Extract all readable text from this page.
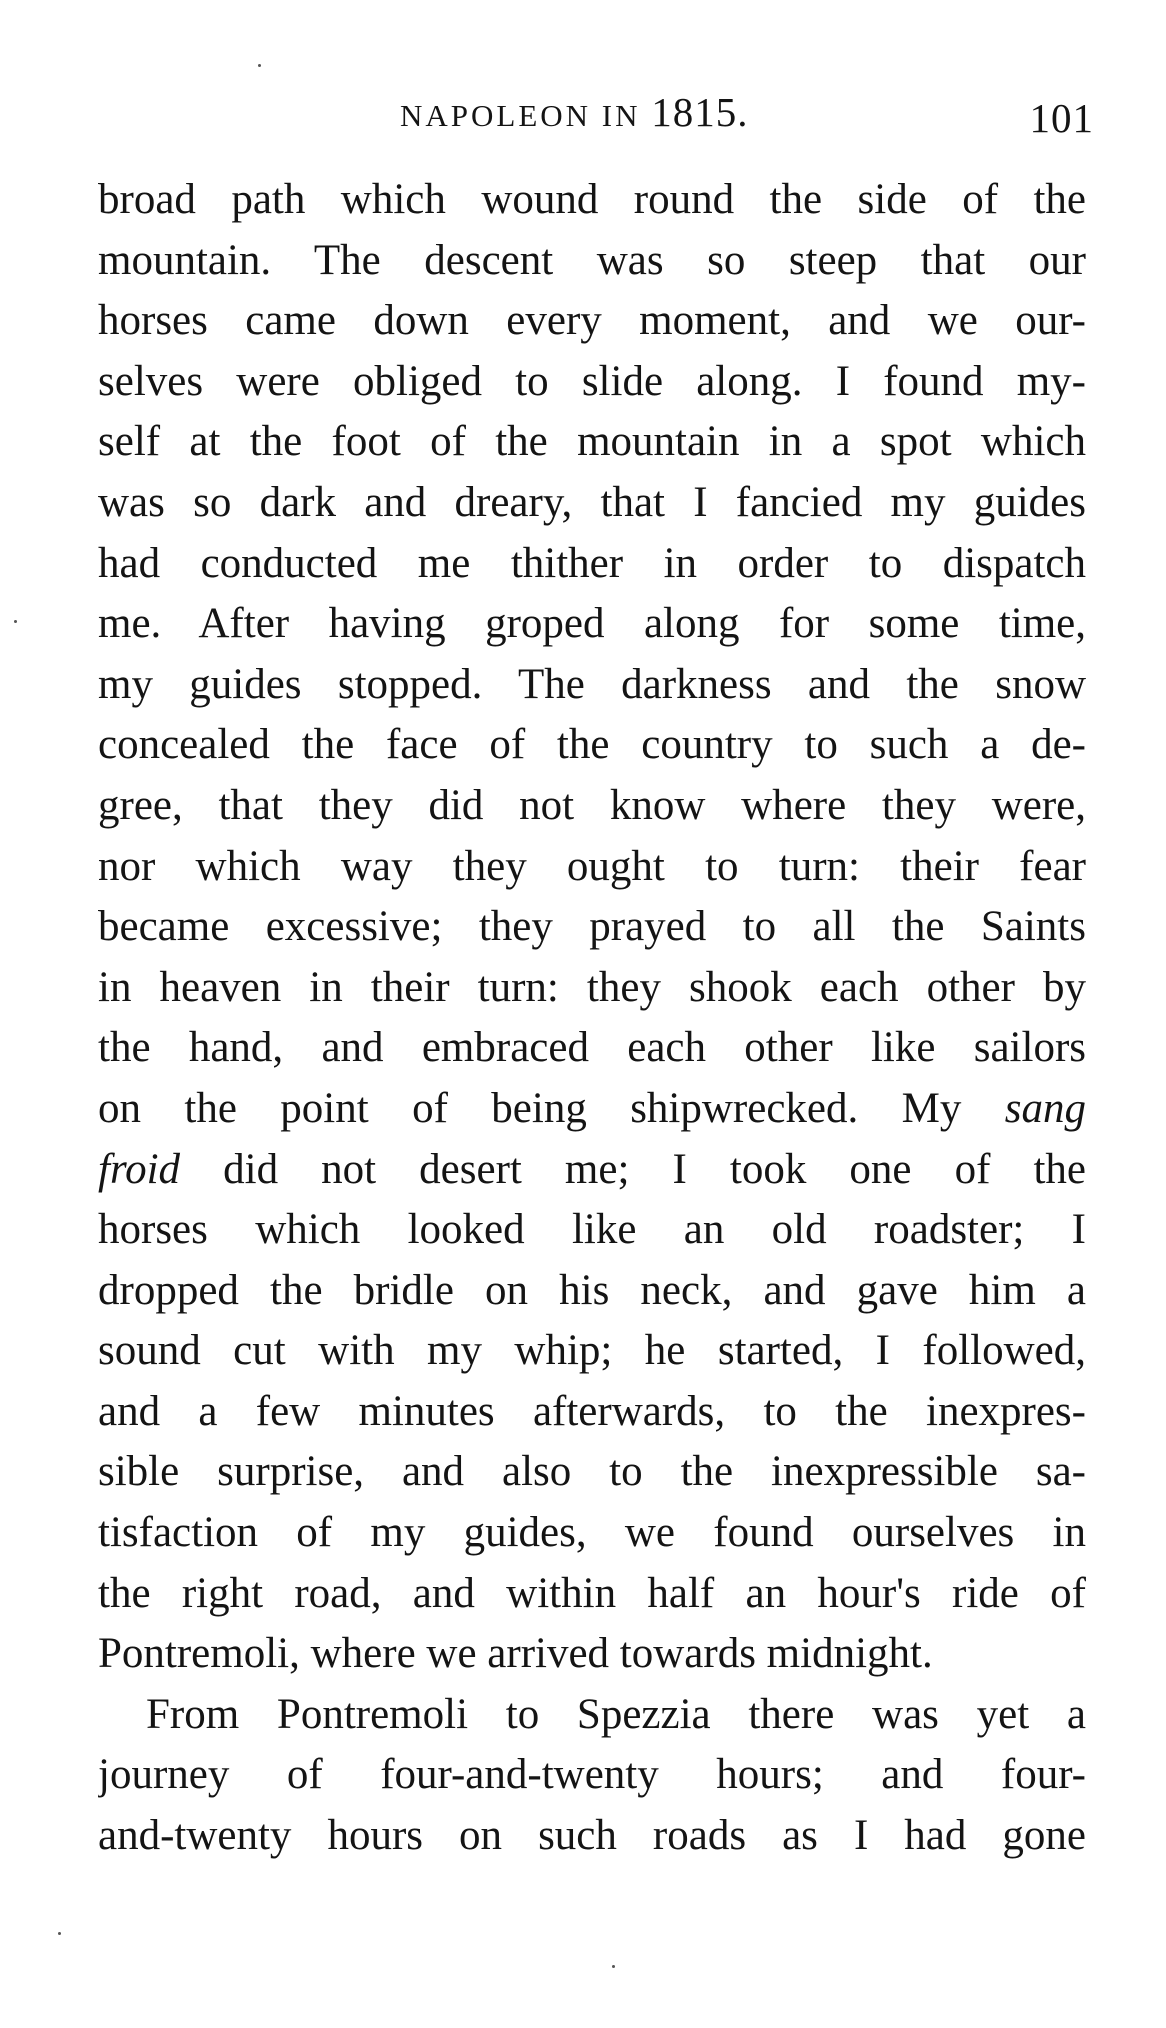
NAPOLEON IN 1815.	101
broad path which wound round the side of the
mountain. The descent was so steep that our
horses came down every moment, and we our-
selves were obliged to slide along. I found my-
self at the foot of the mountain in a spot which
was so dark and dreary, that I fancied my guides
had conducted me thither in order to dispatch
me. After having groped along for some time,
my guides stopped. The darkness and the snow
concealed the face of the country to such a de-
gree, that they did not know where they were,
nor which way they ought to turn: their fear
became excessive; they prayed to all the Saints
in heaven in their turn: they shook each other by
the hand, and embraced each other like sailors
on the point of being shipwrecked. My sang
froid did not desert me; I took one of the
horses which looked like an old roadster; I
dropped the bridle on his neck, and gave him a
sound cut with my whip; he started, I followed,
and a few minutes afterwards, to the inexpres-
sible surprise, and also to the inexpressible sa-
tisfaction of my guides, we found ourselves in
the right road, and within half an hour's ride of
Pontremoli, where we arrived towards midnight.
From Pontremoli to Spezzia there was yet a
journey of four-and-twenty hours; and four-
and-twenty hours on such roads as I had gone
